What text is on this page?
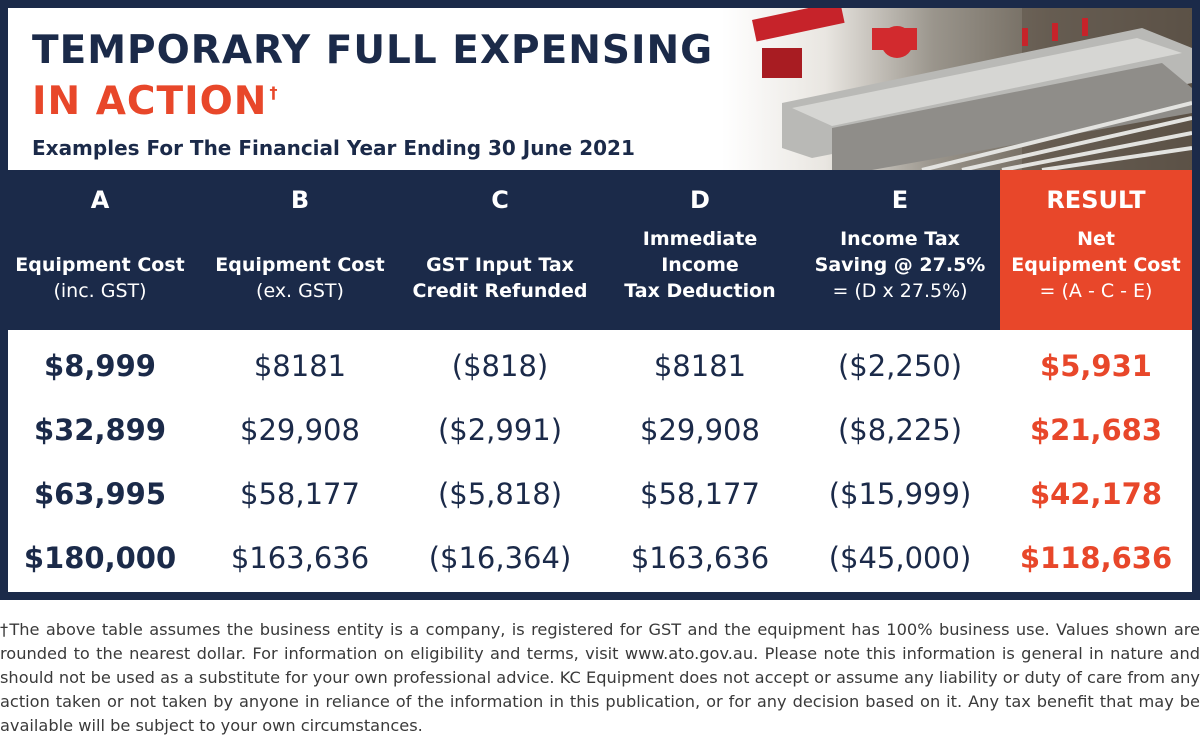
TEMPORARY FULL EXPENSING
IN ACTION †
Examples For The Financial Year Ending 30 June 2021
A
Equipment Cost
(inc. GST)
B
Equipment Cost
(ex. GST)
C
GST Input Tax
Credit Refunded
D
Immediate
Income
Tax Deduction
E
Income Tax
Saving @ 27.5%
= (D x 27.5%)
RESULT
Net
Equipment Cost
= (A - C - E)
$8,999	$8181	($818)	$8181	($2,250)	$5,931
$32,899	$29,908	($2,991)	$29,908	($8,225)	$21,683
$63,995	$58,177	($5,818)	$58,177	($15,999)	$42,178
$180,000	$163,636	($16,364)	$163,636	($45,000)	$118,636
†The above table assumes the business entity is a company, is registered for GST and the equipment has 100% business use. Values shown are rounded to the nearest dollar. For information on eligibility and terms, visit www.ato.gov.au. Please note this information is general in nature and should not be used as a substitute for your own professional advice. KC Equipment does not accept or assume any liability or duty of care from any action taken or not taken by anyone in reliance of the information in this publication, or for any decision based on it. Any tax benefit that may be available will be subject to your own circumstances.
